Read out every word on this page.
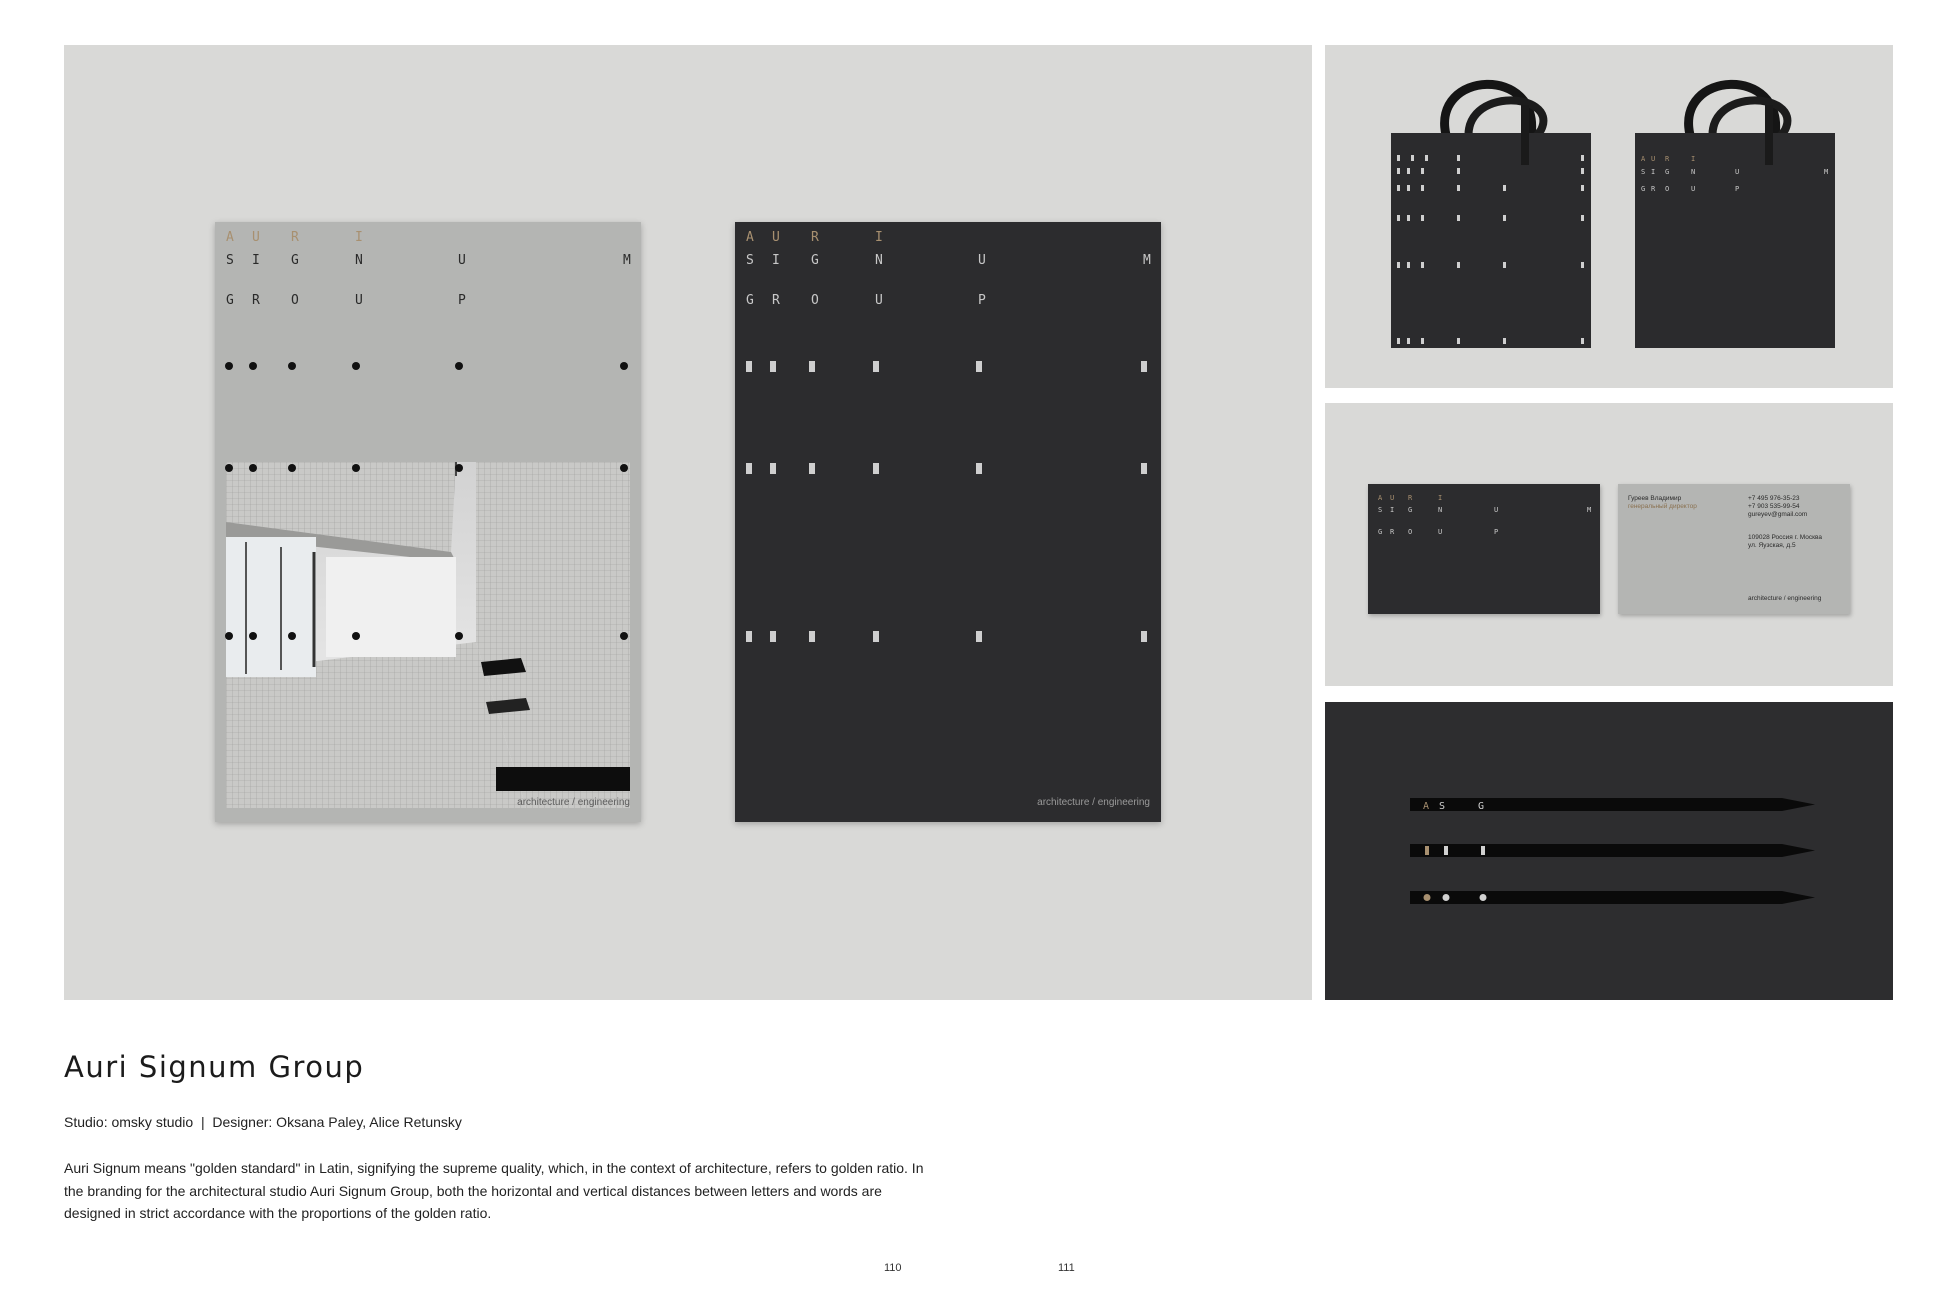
A U R	I
S I G	N	U	M
G R O	U	P
architecture / engineering
A U R	I
S I G	N	U	M
G R O	U	P
architecture / engineering
A U R	I
S I G	N	U	M
G R O	U	P
A U R	I
S I G	N	U	M
G R O	U	P
Гуреев Владимир
генеральный директор
+7 495 976-35-23
+7 903 535-99-54
gureyev@gmail.com
109028 Россия г. Москва
ул. Яузская, д.5
architecture / engineering
A S	G
Auri Signum Group

Studio: omsky studio  |  Designer: Oksana Paley, Alice Retunsky

Auri Signum means "golden standard" in Latin, signifying the supreme quality, which, in the context of architecture, refers to golden ratio. In the branding for the architectural studio Auri Signum Group, both the horizontal and vertical distances between letters and words are designed in strict accordance with the proportions of the golden ratio.

110	111
